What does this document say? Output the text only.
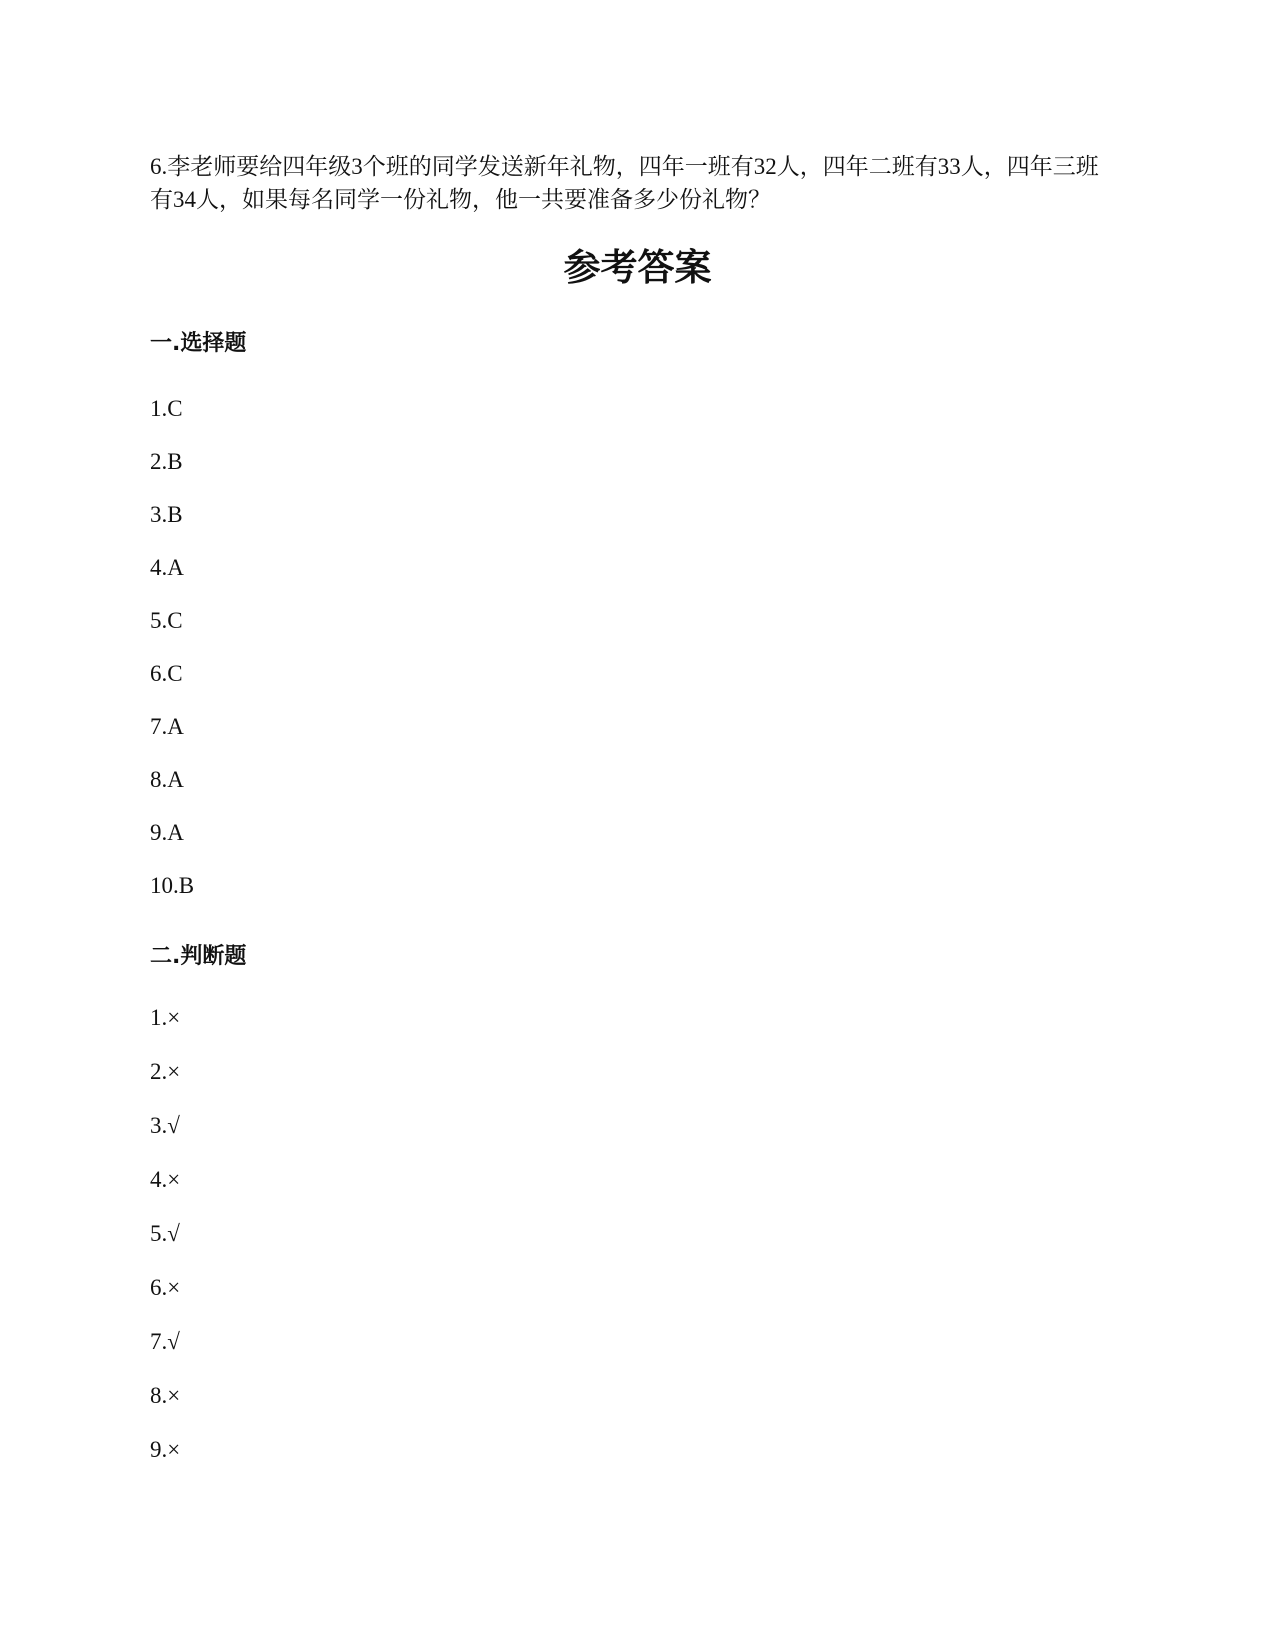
6.李老师要给四年级3个班的同学发送新年礼物，四年一班有32人，四年二班有33人，四年三班有34人，如果每名同学一份礼物，他一共要准备多少份礼物？

参考答案
一.选择题
1.C
2.B
3.B
4.A
5.C
6.C
7.A
8.A
9.A
10.B
二.判断题
1.×
2.×
3.√
4.×
5.√
6.×
7.√
8.×
9.×
